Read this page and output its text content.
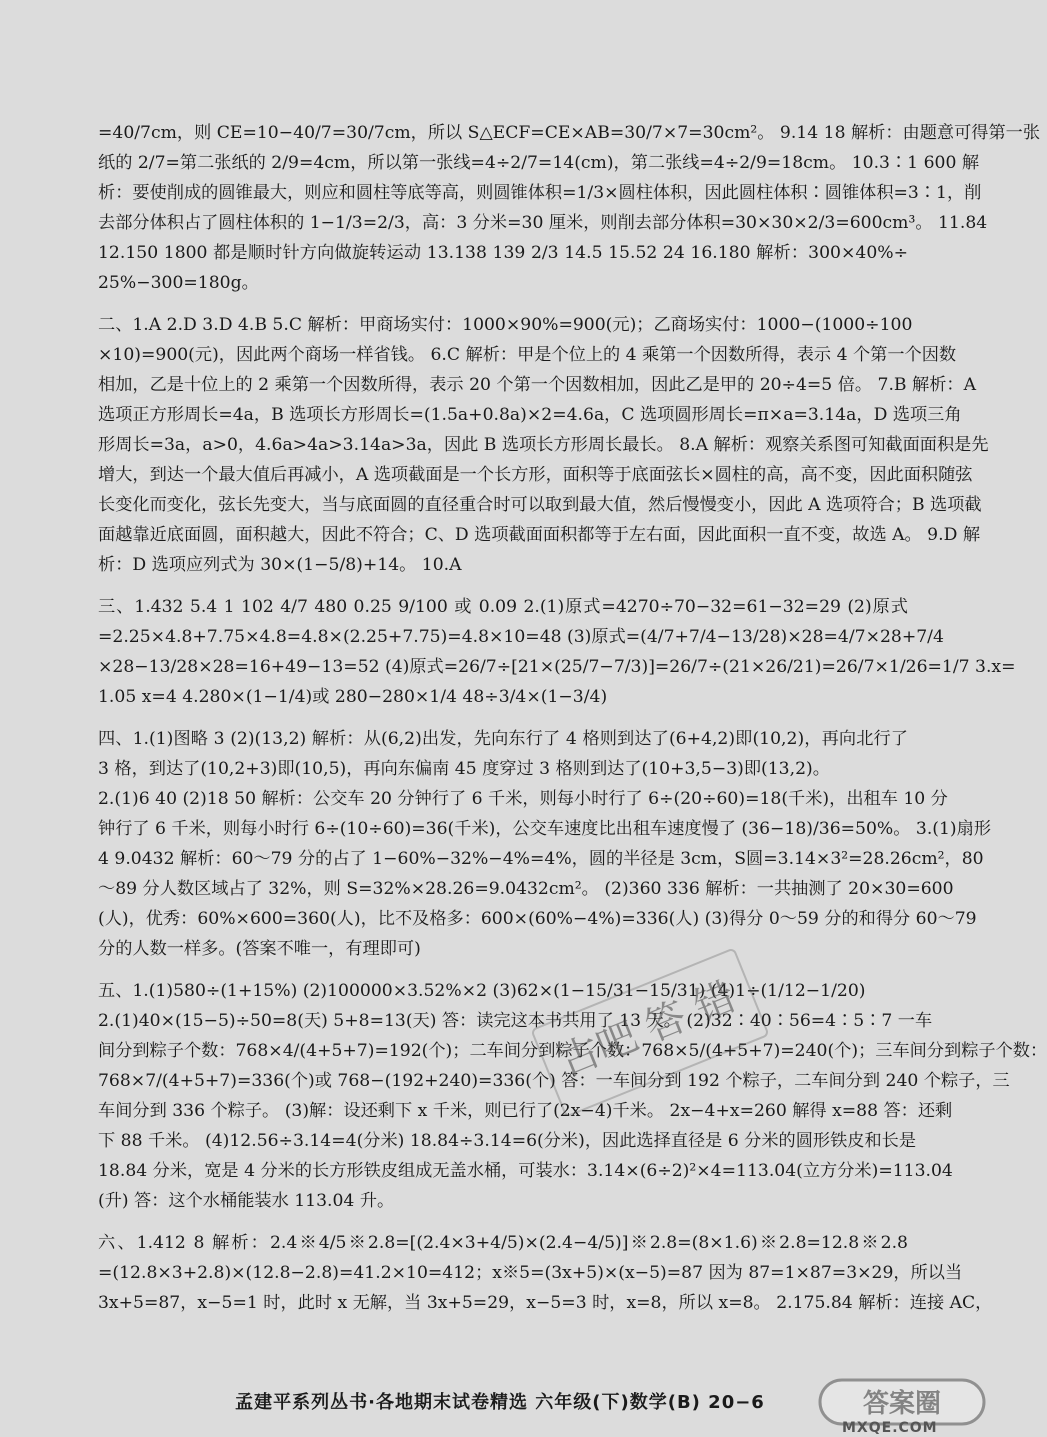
=40/7cm，则 CE=10−40/7=30/7cm，所以 S△ECF=CE×AB=30/7×7=30cm²。 9.14 18 解析：由题意可得第一张
纸的 2/7=第二张纸的 2/9=4cm，所以第一张线=4÷2/7=14(cm)，第二张线=4÷2/9=18cm。 10.3∶1 600 解
析：要使削成的圆锥最大，则应和圆柱等底等高，则圆锥体积=1/3×圆柱体积，因此圆柱体积∶圆锥体积=3∶1，削
去部分体积占了圆柱体积的 1−1/3=2/3，高：3 分米=30 厘米，则削去部分体积=30×30×2/3=600cm³。 11.84
12.150 1800 都是顺时针方向做旋转运动 13.138 139 2/3 14.5 15.52 24 16.180 解析：300×40%÷
25%−300=180g。
二、1.A 2.D 3.D 4.B 5.C 解析：甲商场实付：1000×90%=900(元)；乙商场实付：1000−(1000÷100
×10)=900(元)，因此两个商场一样省钱。 6.C 解析：甲是个位上的 4 乘第一个因数所得，表示 4 个第一个因数
相加，乙是十位上的 2 乘第一个因数所得，表示 20 个第一个因数相加，因此乙是甲的 20÷4=5 倍。 7.B 解析：A
选项正方形周长=4a，B 选项长方形周长=(1.5a+0.8a)×2=4.6a，C 选项圆形周长=π×a=3.14a，D 选项三角
形周长=3a，a>0，4.6a>4a>3.14a>3a，因此 B 选项长方形周长最长。 8.A 解析：观察关系图可知截面面积是先
增大，到达一个最大值后再减小，A 选项截面是一个长方形，面积等于底面弦长×圆柱的高，高不变，因此面积随弦
长变化而变化，弦长先变大，当与底面圆的直径重合时可以取到最大值，然后慢慢变小，因此 A 选项符合；B 选项截
面越靠近底面圆，面积越大，因此不符合；C、D 选项截面面积都等于左右面，因此面积一直不变，故选 A。 9.D 解
析：D 选项应列式为 30×(1−5/8)+14。 10.A
三、1.432 5.4 1 102 4/7 480 0.25 9/100 或 0.09 2.(1)原式=4270÷70−32=61−32=29 (2)原式
=2.25×4.8+7.75×4.8=4.8×(2.25+7.75)=4.8×10=48 (3)原式=(4/7+7/4−13/28)×28=4/7×28+7/4
×28−13/28×28=16+49−13=52 (4)原式=26/7÷[21×(25/7−7/3)]=26/7÷(21×26/21)=26/7×1/26=1/7 3.x=
1.05 x=4 4.280×(1−1/4)或 280−280×1/4 48÷3/4×(1−3/4)
四、1.(1)图略 3 (2)(13,2) 解析：从(6,2)出发，先向东行了 4 格则到达了(6+4,2)即(10,2)，再向北行了
3 格，到达了(10,2+3)即(10,5)，再向东偏南 45 度穿过 3 格则到达了(10+3,5−3)即(13,2)。
2.(1)6 40 (2)18 50 解析：公交车 20 分钟行了 6 千米，则每小时行了 6÷(20÷60)=18(千米)，出租车 10 分
钟行了 6 千米，则每小时行 6÷(10÷60)=36(千米)，公交车速度比出租车速度慢了 (36−18)/36=50%。 3.(1)扇形
4 9.0432 解析：60～79 分的占了 1−60%−32%−4%=4%，圆的半径是 3cm，S圆=3.14×3²=28.26cm²，80
～89 分人数区域占了 32%，则 S=32%×28.26=9.0432cm²。 (2)360 336 解析：一共抽测了 20×30=600
(人)，优秀：60%×600=360(人)，比不及格多：600×(60%−4%)=336(人) (3)得分 0～59 分的和得分 60～79
分的人数一样多。(答案不唯一，有理即可)
五、1.(1)580÷(1+15%) (2)100000×3.52%×2 (3)62×(1−15/31−15/31) (4)1÷(1/12−1/20)
2.(1)40×(15−5)÷50=8(天) 5+8=13(天) 答：读完这本书共用了 13 天。 (2)32∶40∶56=4∶5∶7 一车
间分到粽子个数：768×4/(4+5+7)=192(个)；二车间分到粽子个数：768×5/(4+5+7)=240(个)；三车间分到粽子个数：
768×7/(4+5+7)=336(个)或 768−(192+240)=336(个) 答：一车间分到 192 个粽子，二车间分到 240 个粽子，三
车间分到 336 个粽子。 (3)解：设还剩下 x 千米，则已行了(2x−4)千米。 2x−4+x=260 解得 x=88 答：还剩
下 88 千米。 (4)12.56÷3.14=4(分米) 18.84÷3.14=6(分米)，因此选择直径是 6 分米的圆形铁皮和长是
18.84 分米，宽是 4 分米的长方形铁皮组成无盖水桶，可装水：3.14×(6÷2)²×4=113.04(立方分米)=113.04
(升) 答：这个水桶能装水 113.04 升。
六、1.412 8 解析：2.4※4/5※2.8=[(2.4×3+4/5)×(2.4−4/5)]※2.8=(8×1.6)※2.8=12.8※2.8
=(12.8×3+2.8)×(12.8−2.8)=41.2×10=412；x※5=(3x+5)×(x−5)=87 因为 87=1×87=3×29，所以当
3x+5=87，x−5=1 时，此时 x 无解，当 3x+5=29，x−5=3 时，x=8，所以 x=8。 2.175.84 解析：连接 AC，
古吧 答 错
孟建平系列丛书·各地期末试卷精选 六年级(下)数学(B) 20−6	答案圈
MXQE.COM
